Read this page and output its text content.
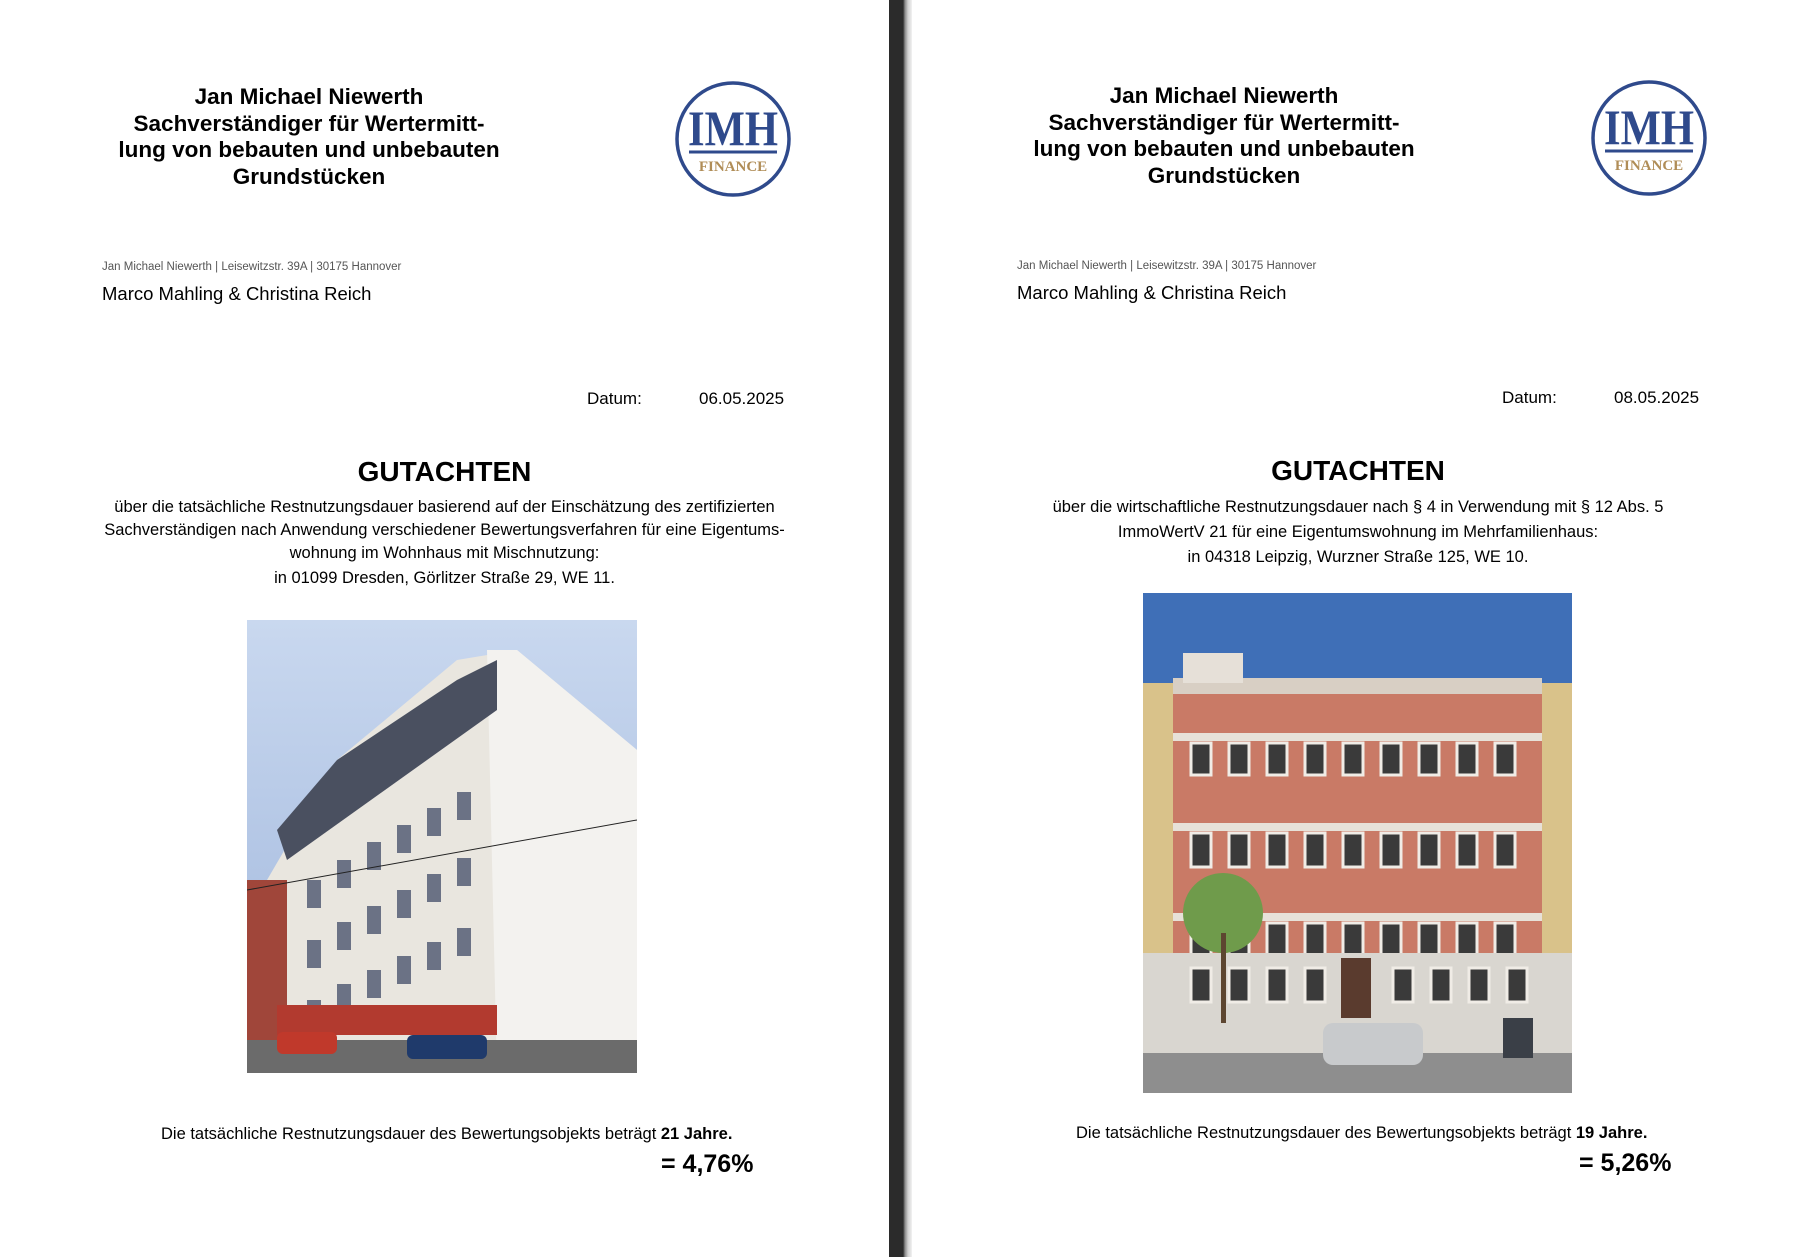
Jan Michael Niewerth
Sachverständiger für Wertermitt-
lung von bebauten und unbebauten
Grundstücken
IMH
FINANCE
Jan Michael Niewerth | Leisewitzstr. 39A | 30175 Hannover
Marco Mahling & Christina Reich
Datum:	06.05.2025
GUTACHTEN
über die tatsächliche Restnutzungsdauer basierend auf der Einschätzung des zertifizierten
Sachverständigen nach Anwendung verschiedener Bewertungsverfahren für eine Eigentums-
wohnung im Wohnhaus mit Mischnutzung:
in 01099 Dresden, Görlitzer Straße 29, WE 11.
Die tatsächliche Restnutzungsdauer des Bewertungsobjekts beträgt 21 Jahre.
= 4,76%
Jan Michael Niewerth
Sachverständiger für Wertermitt-
lung von bebauten und unbebauten
Grundstücken
IMH
FINANCE
Jan Michael Niewerth | Leisewitzstr. 39A | 30175 Hannover
Marco Mahling & Christina Reich
Datum:	08.05.2025
GUTACHTEN
über die wirtschaftliche Restnutzungsdauer nach § 4 in Verwendung mit § 12 Abs. 5
ImmoWertV 21 für eine Eigentumswohnung im Mehrfamilienhaus:
in 04318 Leipzig, Wurzner Straße 125, WE 10.
Die tatsächliche Restnutzungsdauer des Bewertungsobjekts beträgt 19 Jahre.
= 5,26%
